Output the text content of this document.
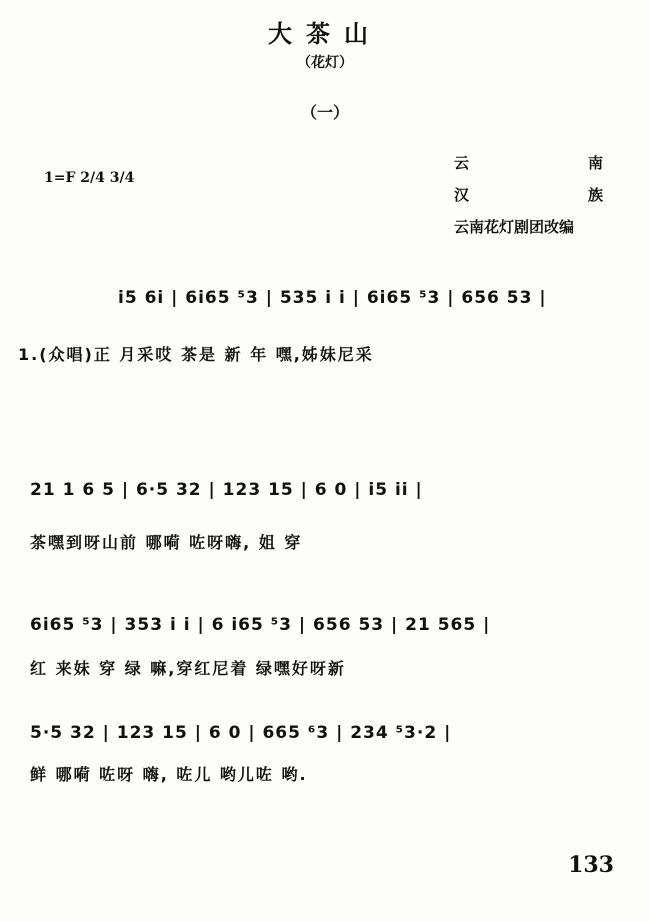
大茶山
（花灯）
（一）
1=F 2/4 3/4
云	南
汉	族
云南花灯剧团改编
i5 6i | 6i65 ⁵3 | 535 i i | 6i65 ⁵3 | 656 53 |
1.(众唱)正 月采哎 茶是 新 年 嘿,姊妹尼采
21 1 6 5 | 6·5 32 | 123 15 | 6 0 | i5 ii |
茶嘿到呀山前 哪嗬 咗呀嗨, 姐 穿
6i65 ⁵3 | 353 i i | 6 i65 ⁵3 | 656 53 | 21 565 |
红 来妹 穿 绿 嘛,穿红尼着 绿嘿好呀新
5·5 32 | 123 15 | 6 0 | 665 ⁶3 | 234 ⁵3·2 |
鲜 哪嗬 咗呀 嗨, 咗儿 哟儿咗 哟.
133
